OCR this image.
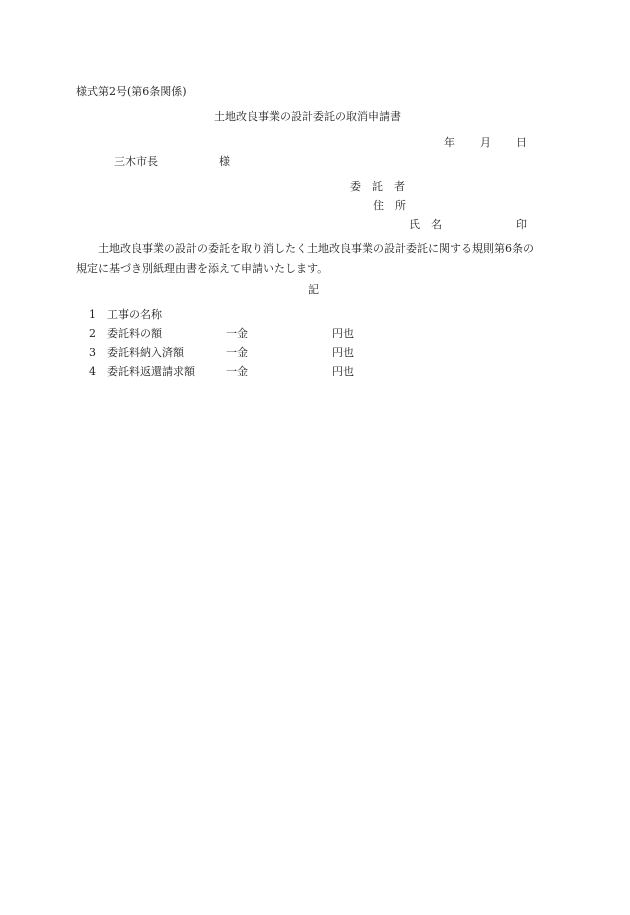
様式第2号(第6条関係)
土地改良事業の設計委託の取消申請書
年 月 日
三木市長	様
委　託　者
住　所
氏　名	印
土地改良事業の設計の委託を取り消したく土地改良事業の設計委託に関する規則第6条の規定に基づき別紙理由書を添えて申請いたします。
記
1 工事の名称
2 委託料の額	一金	円也
3 委託料納入済額	一金	円也
4 委託料返還請求額	一金	円也
